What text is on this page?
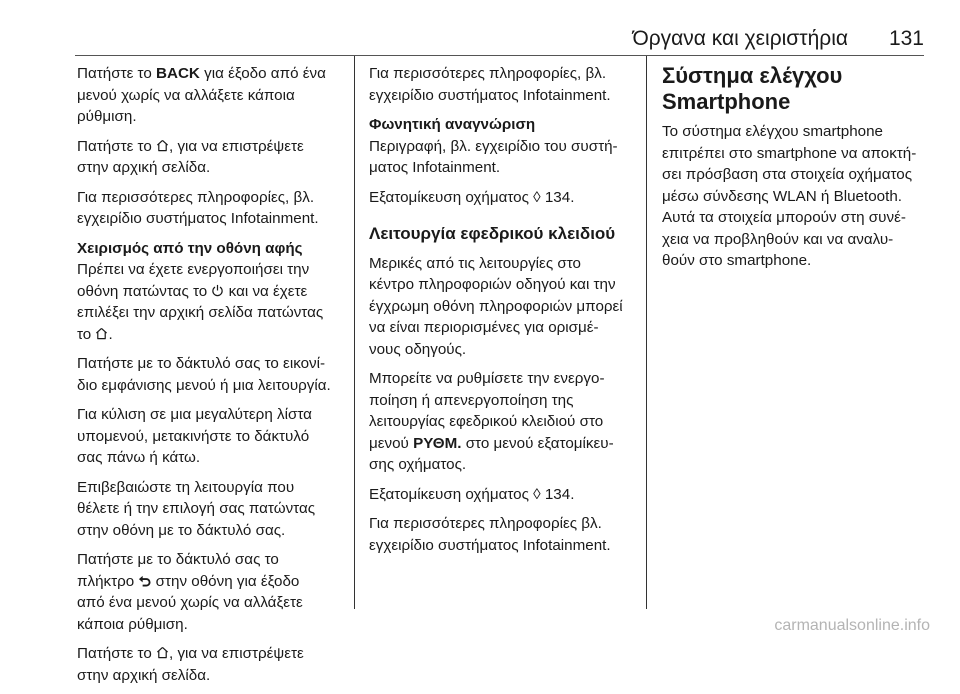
Όργανα και χειριστήρια 131

Πατήστε το BACK για έξοδο από ένα
μενού χωρίς να αλλάξετε κάποια
ρύθμιση.

Πατήστε το , για να επιστρέψετε
στην αρχική σελίδα.

Για περισσότερες πληροφορίες, βλ.
εγχειρίδιο συστήματος Infotainment.

Χειρισμός από την οθόνη αφής
Πρέπει να έχετε ενεργοποιήσει την
οθόνη πατώντας το  και να έχετε
επιλέξει την αρχική σελίδα πατώντας
το .

Πατήστε με το δάκτυλό σας το εικονί-
διο εμφάνισης μενού ή μια λειτουργία.

Για κύλιση σε μια μεγαλύτερη λίστα
υπομενού, μετακινήστε το δάκτυλό
σας πάνω ή κάτω.

Επιβεβαιώστε τη λειτουργία που
θέλετε ή την επιλογή σας πατώντας
στην οθόνη με το δάκτυλό σας.

Πατήστε με το δάκτυλό σας το
πλήκτρο  στην οθόνη για έξοδο
από ένα μενού χωρίς να αλλάξετε
κάποια ρύθμιση.

Πατήστε το , για να επιστρέψετε
στην αρχική σελίδα.

Για περισσότερες πληροφορίες, βλ.
εγχειρίδιο συστήματος Infotainment.

Φωνητική αναγνώριση
Περιγραφή, βλ. εγχειρίδιο του συστή-
ματος Infotainment.

Εξατομίκευση οχήματος ◊ 134.

Λειτουργία εφεδρικού κλειδιού

Μερικές από τις λειτουργίες στο
κέντρο πληροφοριών οδηγού και την
έγχρωμη οθόνη πληροφοριών μπορεί
να είναι περιορισμένες για ορισμέ-
νους οδηγούς.

Μπορείτε να ρυθμίσετε την ενεργο-
ποίηση ή απενεργοποίηση της
λειτουργίας εφεδρικού κλειδιού στο
μενού ΡΥΘΜ. στο μενού εξατομίκευ-
σης οχήματος.

Εξατομίκευση οχήματος ◊ 134.

Για περισσότερες πληροφορίες βλ.
εγχειρίδιο συστήματος Infotainment.

Σύστημα ελέγχου
Smartphone

Το σύστημα ελέγχου smartphone
επιτρέπει στο smartphone να αποκτή-
σει πρόσβαση στα στοιχεία οχήματος
μέσω σύνδεσης WLAN ή Bluetooth.
Αυτά τα στοιχεία μπορούν στη συνέ-
χεια να προβληθούν και να αναλυ-
θούν στο smartphone.

carmanualsonline.info
